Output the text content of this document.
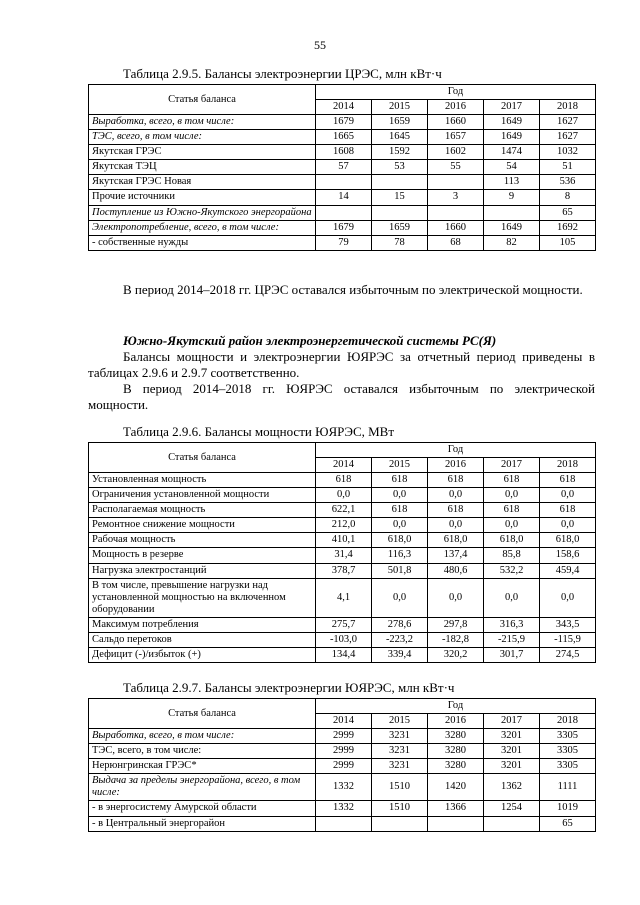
55
Таблица 2.9.5. Балансы электроэнергии ЦРЭС, млн кВт·ч
Статья баланса	Год				
	2014	2015	2016	2017	2018
Выработка, всего, в том числе:	1679	1659	1660	1649	1627
ТЭС, всего, в том числе:	1665	1645	1657	1649	1627
Якутская ГРЭС	1608	1592	1602	1474	1032
Якутская ТЭЦ	57	53	55	54	51
Якутская ГРЭС Новая				113	536
Прочие источники	14	15	3	9	8
Поступление из Южно-Якутского энергорайона					65
Электропотребление, всего, в том числе:	1679	1659	1660	1649	1692
- собственные нужды	79	78	68	82	105

В период 2014–2018 гг. ЦРЭС оставался избыточным по электрической мощности.

Южно-Якутский район электроэнергетической системы РС(Я)

Балансы мощности и электроэнергии ЮЯРЭС за отчетный период приведены в таблицах 2.9.6 и 2.9.7 соответственно.

В период 2014–2018 гг. ЮЯРЭС оставался избыточным по электрической мощности.

Таблица 2.9.6. Балансы мощности ЮЯРЭС, МВт
Статья баланса	Год				
	2014	2015	2016	2017	2018
Установленная мощность	618	618	618	618	618
Ограничения установленной мощности	0,0	0,0	0,0	0,0	0,0
Располагаемая мощность	622,1	618	618	618	618
Ремонтное снижение мощности	212,0	0,0	0,0	0,0	0,0
Рабочая мощность	410,1	618,0	618,0	618,0	618,0
Мощность в резерве	31,4	116,3	137,4	85,8	158,6
Нагрузка электростанций	378,7	501,8	480,6	532,2	459,4
В том числе, превышение нагрузки над установленной мощностью на включенном оборудовании	4,1	0,0	0,0	0,0	0,0
Максимум потребления	275,7	278,6	297,8	316,3	343,5
Сальдо перетоков	-103,0	-223,2	-182,8	-215,9	-115,9
Дефицит (-)/избыток (+)	134,4	339,4	320,2	301,7	274,5
Таблица 2.9.7. Балансы электроэнергии ЮЯРЭС, млн кВт·ч
Статья баланса	Год				
	2014	2015	2016	2017	2018
Выработка, всего, в том числе:	2999	3231	3280	3201	3305
ТЭС, всего, в том числе:	2999	3231	3280	3201	3305
Нерюнгринская ГРЭС*	2999	3231	3280	3201	3305
Выдача за пределы энергорайона, всего, в том числе:	1332	1510	1420	1362	1111
- в энергосистему Амурской области	1332	1510	1366	1254	1019
- в Центральный энергорайон					65
